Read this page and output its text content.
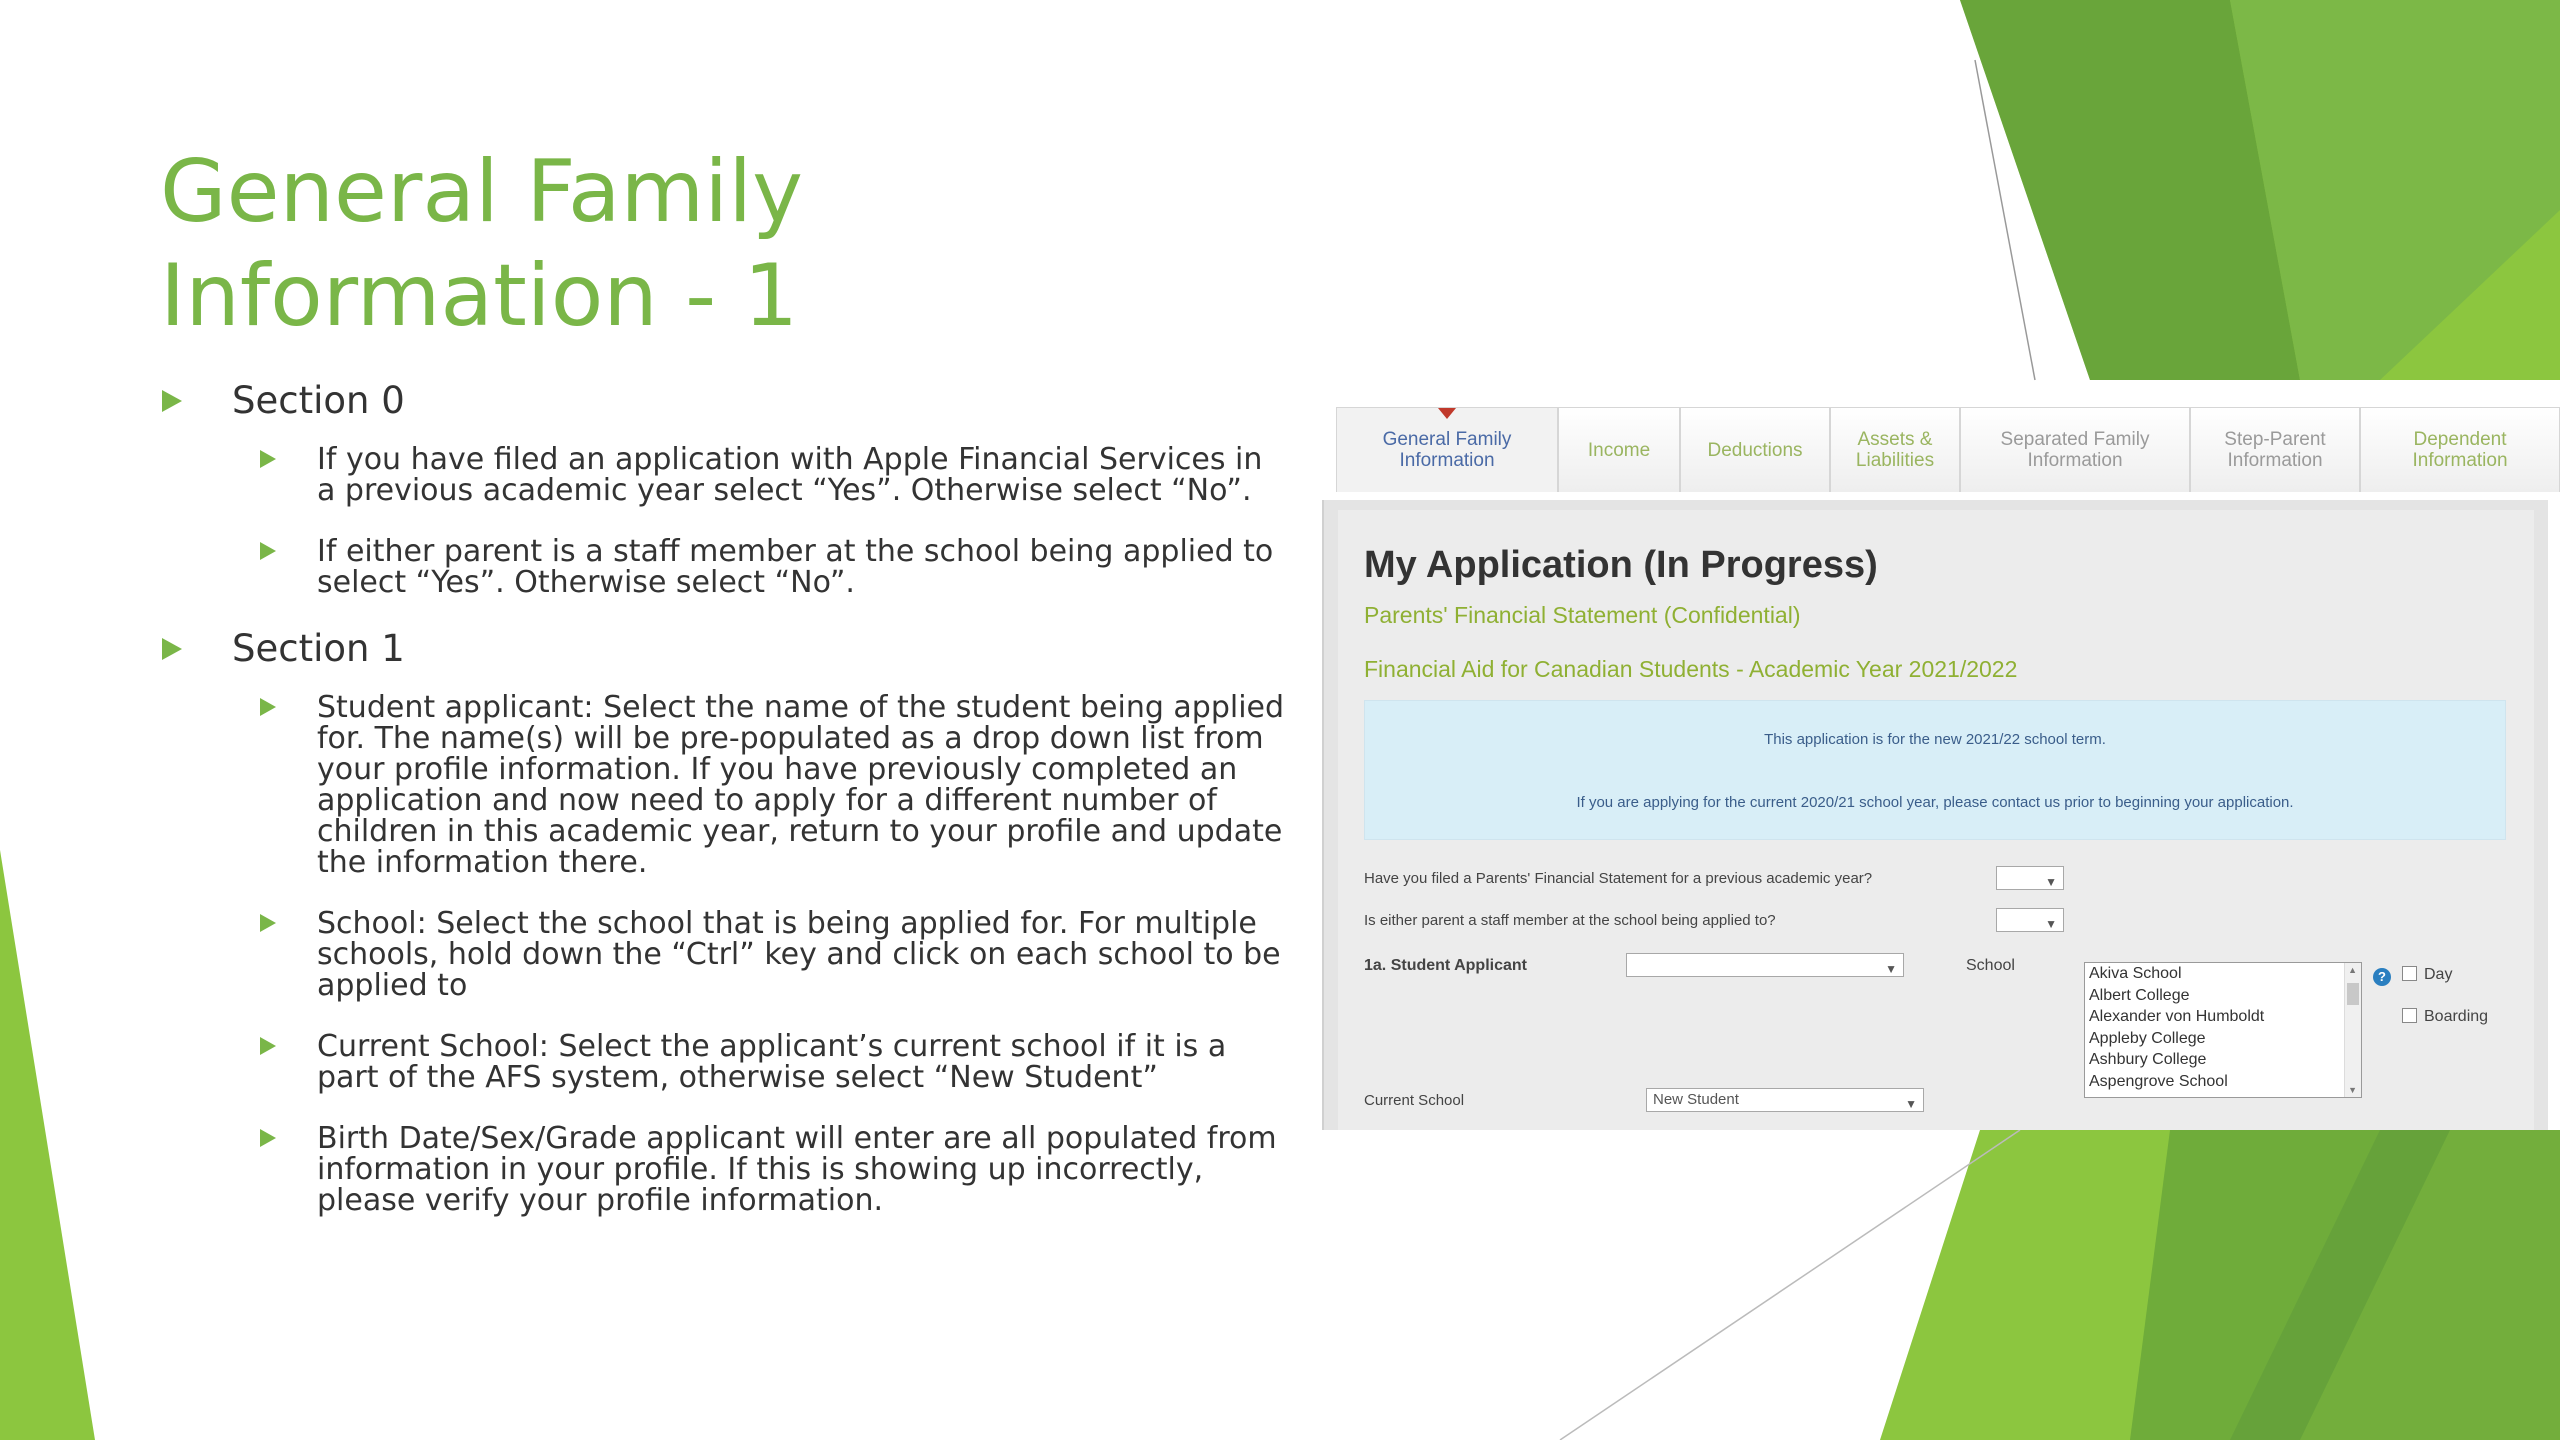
General Family
Information - 1
Section 0
If you have filed an application with Apple Financial Services in a previous academic year select “Yes”. Otherwise select “No”.
If either parent is a staff member at the school being applied to select “Yes”. Otherwise select “No”.
Section 1
Student applicant: Select the name of the student being applied for. The name(s) will be pre-populated as a drop down list from your profile information. If you have previously completed an application and now need to apply for a different number of children in this academic year, return to your profile and update the information there.
School: Select the school that is being applied for. For multiple schools, hold down the “Ctrl” key and click on each school to be applied to
Current School: Select the applicant’s current school if it is a part of the AFS system, otherwise select “New Student”
Birth Date/Sex/Grade applicant will enter are all populated from information in your profile. If this is showing up incorrectly, please verify your profile information.
General Family Information	Income	Deductions	Assets & Liabilities
Separated Family Information
Step-Parent Information
Dependent Information
My Application (In Progress)
Parents' Financial Statement (Confidential)
Financial Aid for Canadian Students - Academic Year 2021/2022
This application is for the new 2021/22 school term.
If you are applying for the current 2020/21 school year, please contact us prior to beginning your application.
Have you filed a Parents' Financial Statement for a previous academic year?	▼
Is either parent a staff member at the school being applied to?	▼
1a. Student Applicant	▼	School	Akiva School
Albert College
Alexander von Humboldt
Appleby College
Ashbury College
Aspengrove School
▲
▼
?	Day
Boarding
Current School	New Student	▼
